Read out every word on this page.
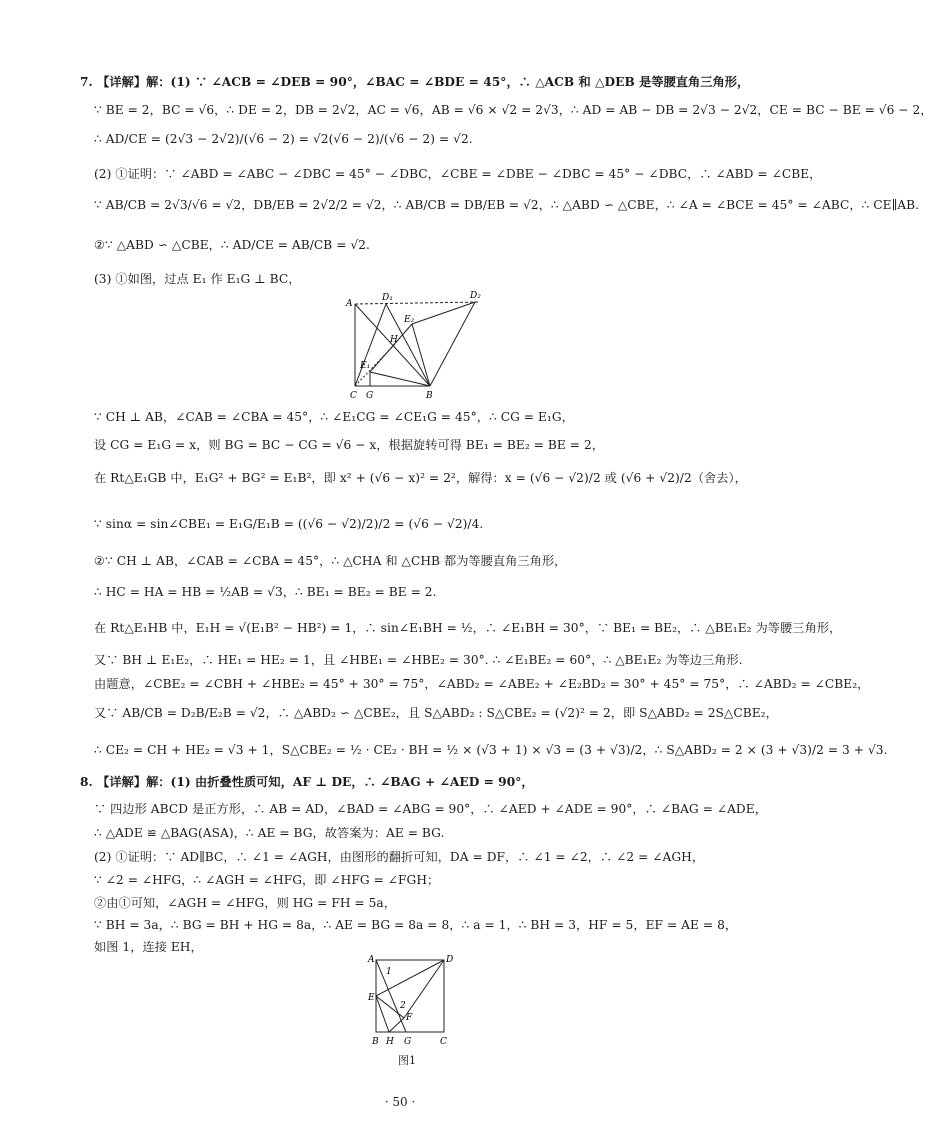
7. 【详解】解：(1) ∵ ∠ACB = ∠DEB = 90°，∠BAC = ∠BDE = 45°，∴ △ACB 和 △DEB 是等腰直角三角形，
∵ BE = 2，BC = √6，∴ DE = 2，DB = 2√2，AC = √6，AB = √6 × √2 = 2√3，∴ AD = AB − DB = 2√3 − 2√2，CE = BC − BE = √6 − 2，
∴ AD/CE = (2√3 − 2√2)/(√6 − 2) = √2(√6 − 2)/(√6 − 2) = √2.
(2) ①证明：∵ ∠ABD = ∠ABC − ∠DBC = 45° − ∠DBC，∠CBE = ∠DBE − ∠DBC = 45° − ∠DBC，∴ ∠ABD = ∠CBE，
∵ AB/CB = 2√3/√6 = √2，DB/EB = 2√2/2 = √2，∴ AB/CB = DB/EB = √2，∴ △ABD ∽ △CBE，∴ ∠A = ∠BCE = 45° = ∠ABC，∴ CE∥AB.
②∵ △ABD ∽ △CBE，∴ AD/CE = AB/CB = √2.
(3) ①如图，过点 E₁ 作 E₁G ⊥ BC，
A
D₁	D₂
E₂
H
E₁
C G	B
∵ CH ⊥ AB，∠CAB = ∠CBA = 45°，∴ ∠E₁CG = ∠CE₁G = 45°，∴ CG = E₁G，
设 CG = E₁G = x，则 BG = BC − CG = √6 − x，根据旋转可得 BE₁ = BE₂ = BE = 2，
在 Rt△E₁GB 中，E₁G² + BG² = E₁B²，即 x² + (√6 − x)² = 2²，解得：x = (√6 − √2)/2 或 (√6 + √2)/2（舍去），
∵ sinα = sin∠CBE₁ = E₁G/E₁B = ((√6 − √2)/2)/2 = (√6 − √2)/4.
②∵ CH ⊥ AB，∠CAB = ∠CBA = 45°，∴ △CHA 和 △CHB 都为等腰直角三角形，
∴ HC = HA = HB = ½AB = √3，∴ BE₁ = BE₂ = BE = 2.
在 Rt△E₁HB 中，E₁H = √(E₁B² − HB²) = 1，∴ sin∠E₁BH = ½，∴ ∠E₁BH = 30°，∵ BE₁ = BE₂，∴ △BE₁E₂ 为等腰三角形，
又∵ BH ⊥ E₁E₂，∴ HE₁ = HE₂ = 1，且 ∠HBE₁ = ∠HBE₂ = 30°. ∴ ∠E₁BE₂ = 60°，∴ △BE₁E₂ 为等边三角形.
由题意，∠CBE₂ = ∠CBH + ∠HBE₂ = 45° + 30° = 75°，∠ABD₂ = ∠ABE₂ + ∠E₂BD₂ = 30° + 45° = 75°，∴ ∠ABD₂ = ∠CBE₂，
又∵ AB/CB = D₂B/E₂B = √2，∴ △ABD₂ ∽ △CBE₂，且 S△ABD₂ : S△CBE₂ = (√2)² = 2，即 S△ABD₂ = 2S△CBE₂，
∴ CE₂ = CH + HE₂ = √3 + 1，S△CBE₂ = ½ · CE₂ · BH = ½ × (√3 + 1) × √3 = (3 + √3)/2，∴ S△ABD₂ = 2 × (3 + √3)/2 = 3 + √3.
8. 【详解】解：(1) 由折叠性质可知，AF ⊥ DE，∴ ∠BAG + ∠AED = 90°，
∵ 四边形 ABCD 是正方形，∴ AB = AD，∠BAD = ∠ABG = 90°，∴ ∠AED + ∠ADE = 90°，∴ ∠BAG = ∠ADE，
∴ △ADE ≌ △BAG(ASA)，∴ AE = BG，故答案为：AE = BG.
(2) ①证明：∵ AD∥BC，∴ ∠1 = ∠AGH，由图形的翻折可知，DA = DF，∴ ∠1 = ∠2，∴ ∠2 = ∠AGH，
∵ ∠2 = ∠HFG，∴ ∠AGH = ∠HFG，即 ∠HFG = ∠FGH；
②由①可知，∠AGH = ∠HFG，则 HG = FH = 5a，
∵ BH = 3a，∴ BG = BH + HG = 8a，∴ AE = BG = 8a = 8，∴ a = 1，∴ BH = 3，HF = 5，EF = AE = 8，
如图 1，连接 EH，
A	D
E
F
1
2
B H G	C
图1
· 50 ·
